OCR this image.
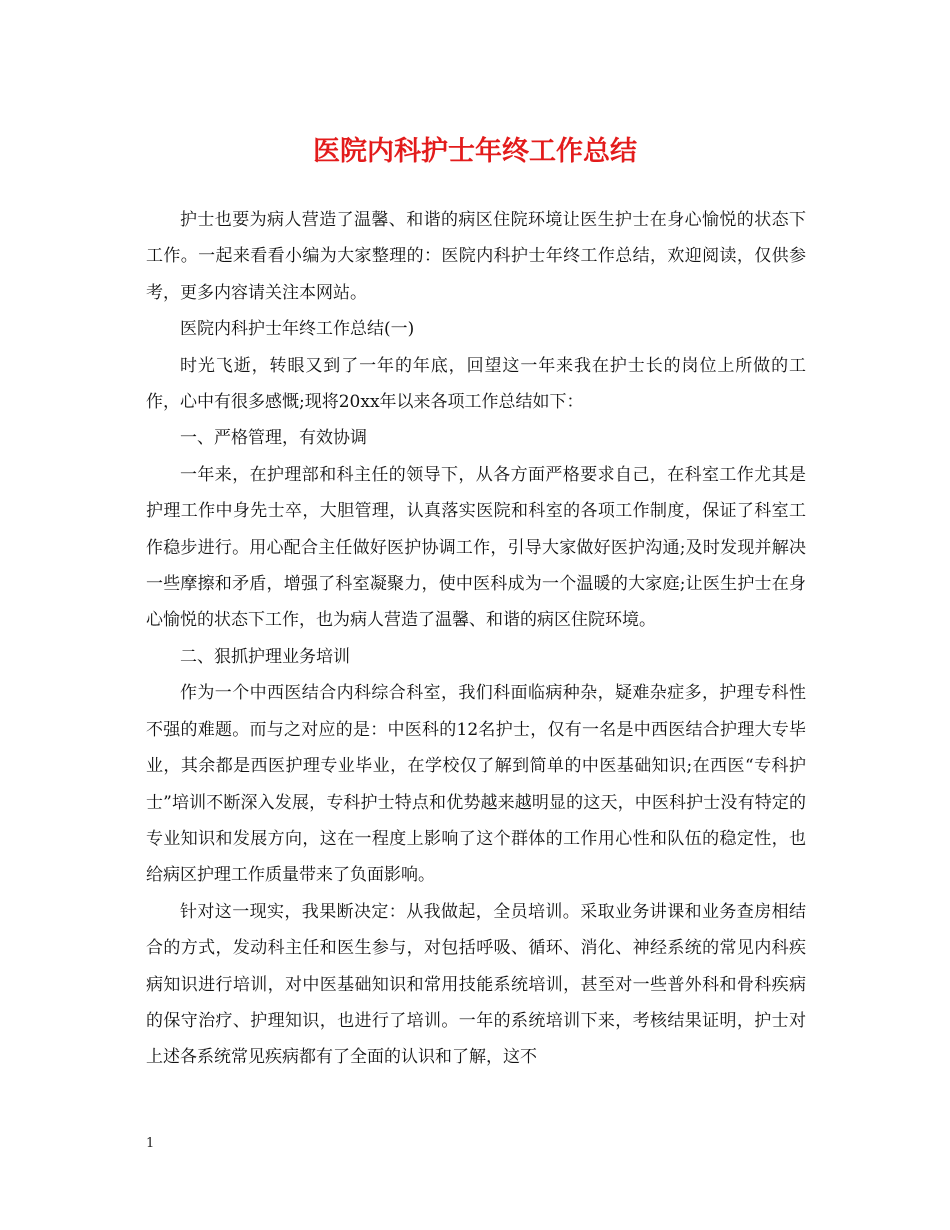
医院内科护士年终工作总结

护士也要为病人营造了温馨、和谐的病区住院环境让医生护士在身心愉悦的状态下工作。一起来看看小编为大家整理的：医院内科护士年终工作总结，欢迎阅读，仅供参考，更多内容请关注本网站。

医院内科护士年终工作总结(一)

时光飞逝，转眼又到了一年的年底，回望这一年来我在护士长的岗位上所做的工作，心中有很多感慨;现将20xx年以来各项工作总结如下：

一、严格管理，有效协调

一年来，在护理部和科主任的领导下，从各方面严格要求自己，在科室工作尤其是护理工作中身先士卒，大胆管理，认真落实医院和科室的各项工作制度，保证了科室工作稳步进行。用心配合主任做好医护协调工作，引导大家做好医护沟通;及时发现并解决一些摩擦和矛盾，增强了科室凝聚力，使中医科成为一个温暖的大家庭;让医生护士在身心愉悦的状态下工作，也为病人营造了温馨、和谐的病区住院环境。

二、狠抓护理业务培训

作为一个中西医结合内科综合科室，我们科面临病种杂，疑难杂症多，护理专科性不强的难题。而与之对应的是：中医科的12名护士，仅有一名是中西医结合护理大专毕业，其余都是西医护理专业毕业，在学校仅了解到简单的中医基础知识;在西医“专科护士”培训不断深入发展，专科护士特点和优势越来越明显的这天，中医科护士没有特定的专业知识和发展方向，这在一程度上影响了这个群体的工作用心性和队伍的稳定性，也给病区护理工作质量带来了负面影响。

针对这一现实，我果断决定：从我做起，全员培训。采取业务讲课和业务查房相结合的方式，发动科主任和医生参与，对包括呼吸、循环、消化、神经系统的常见内科疾病知识进行培训，对中医基础知识和常用技能系统培训，甚至对一些普外科和骨科疾病的保守治疗、护理知识，也进行了培训。一年的系统培训下来，考核结果证明，护士对上述各系统常见疾病都有了全面的认识和了解，这不

1
